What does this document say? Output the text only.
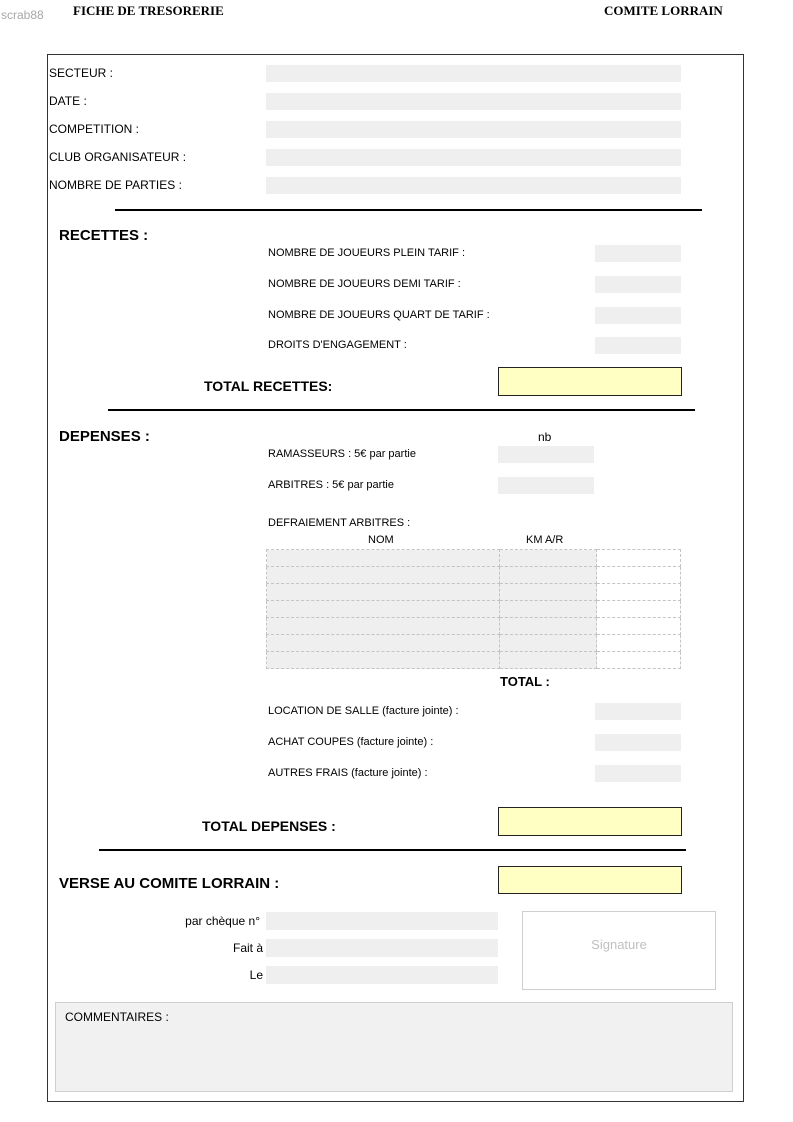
scrab88 FICHE DE TRESORERIE	COMITE LORRAIN
SECTEUR :
DATE :
COMPETITION :
CLUB ORGANISATEUR :
NOMBRE DE PARTIES :
RECETTES :
NOMBRE DE JOUEURS PLEIN TARIF :
NOMBRE DE JOUEURS DEMI TARIF :
NOMBRE DE JOUEURS QUART DE TARIF :
DROITS D'ENGAGEMENT :
TOTAL RECETTES:
DEPENSES :	nb
RAMASSEURS : 5€ par partie
ARBITRES : 5€ par partie
DEFRAIEMENT ARBITRES :
NOM	KM A/R

TOTAL :
LOCATION DE SALLE (facture jointe) :
ACHAT COUPES (facture jointe) :
AUTRES FRAIS (facture jointe) :
TOTAL DEPENSES :
VERSE AU COMITE LORRAIN :
par chèque n°
Fait à
Le
Signature
COMMENTAIRES :
